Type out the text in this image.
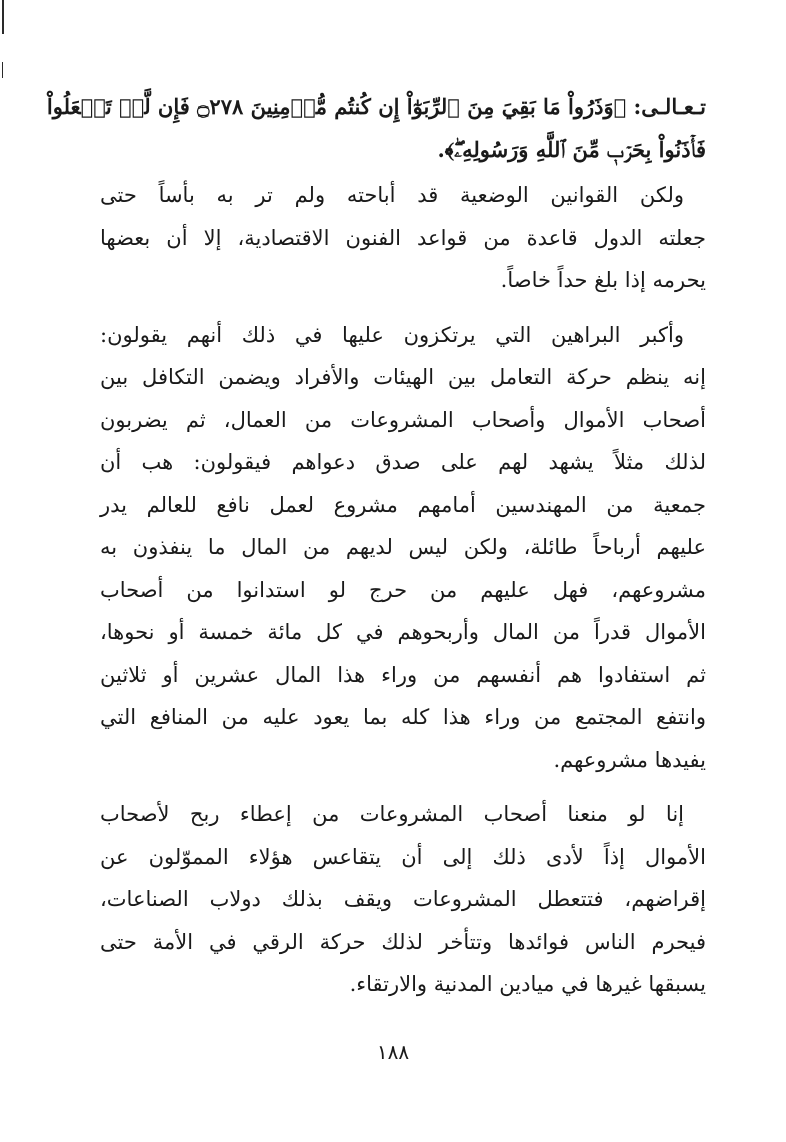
تـعـالـى: ﴿وَذَرُواْ مَا بَقِيَ مِنَ ٱلرِّبَوٰٓاْ إِن كُنتُم مُّؤۡمِنِينَ ۝٢٧٨ فَإِن لَّمۡ تَفۡعَلُواْ
فَأۡذَنُواْ بِحَرۡبٖ مِّنَ ٱللَّهِ وَرَسُولِهِۦۖ﴾.
ولكن القوانين الوضعية قد أباحته ولم تر به بأساً حتى
جعلته الدول قاعدة من قواعد الفنون الاقتصادية، إلا أن بعضها
يحرمه إذا بلغ حداً خاصاً.
وأكبر البراهين التي يرتكزون عليها في ذلك أنهم يقولون:
إنه ينظم حركة التعامل بين الهيئات والأفراد ويضمن التكافل بين
أصحاب الأموال وأصحاب المشروعات من العمال، ثم يضربون
لذلك مثلاً يشهد لهم على صدق دعواهم فيقولون: هب أن
جمعية من المهندسين أمامهم مشروع لعمل نافع للعالم يدر
عليهم أرباحاً طائلة، ولكن ليس لديهم من المال ما ينفذون به
مشروعهم، فهل عليهم من حرج لو استدانوا من أصحاب
الأموال قدراً من المال وأربحوهم في كل مائة خمسة أو نحوها،
ثم استفادوا هم أنفسهم من وراء هذا المال عشرين أو ثلاثين
وانتفع المجتمع من وراء هذا كله بما يعود عليه من المنافع التي
يفيدها مشروعهم.
إنا لو منعنا أصحاب المشروعات من إعطاء ربح لأصحاب
الأموال إذاً لأدى ذلك إلى أن يتقاعس هؤلاء المموّلون عن
إقراضهم، فتتعطل المشروعات ويقف بذلك دولاب الصناعات،
فيحرم الناس فوائدها وتتأخر لذلك حركة الرقي في الأمة حتى
يسبقها غيرها في ميادين المدنية والارتقاء.
١٨٨
